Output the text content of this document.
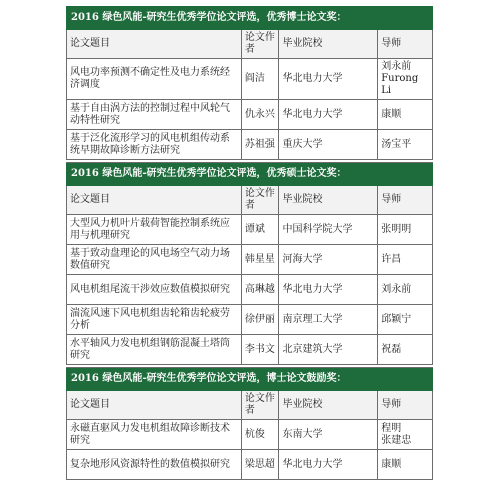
2016 绿色风能-研究生优秀学位论文评选，优秀博士论文奖：			
论文题目	论文作者	毕业院校	导师
风电功率预测不确定性及电力系统经济调度	阎洁	华北电力大学	刘永前
Furong Li
基于自由涡方法的控制过程中风轮气动特性研究	仇永兴	华北电力大学	康顺
基于泛化流形学习的风电机组传动系统早期故障诊断方法研究	苏祖强	重庆大学	汤宝平

2016 绿色风能-研究生优秀学位论文评选，优秀硕士论文奖：			
论文题目	论文作者	毕业院校	导师
大型风力机叶片载荷智能控制系统应用与机理研究	谭斌	中国科学院大学	张明明
基于致动盘理论的风电场空气动力场数值研究	韩星星	河海大学	许昌
风电机组尾流干涉效应数值模拟研究	高琳越	华北电力大学	刘永前
湍流风速下风电机组齿轮箱齿轮疲劳分析	徐伊丽	南京理工大学	邱颖宁
水平轴风力发电机组钢筋混凝土塔筒研究	李书文	北京建筑大学	祝磊

2016 绿色风能-研究生优秀学位论文评选，博士论文鼓励奖：			
论文题目	论文作者	毕业院校	导师
永磁直驱风力发电机组故障诊断技术研究	杭俊	东南大学	程明
张建忠
复杂地形风资源特性的数值模拟研究	梁思超	华北电力大学	康顺
